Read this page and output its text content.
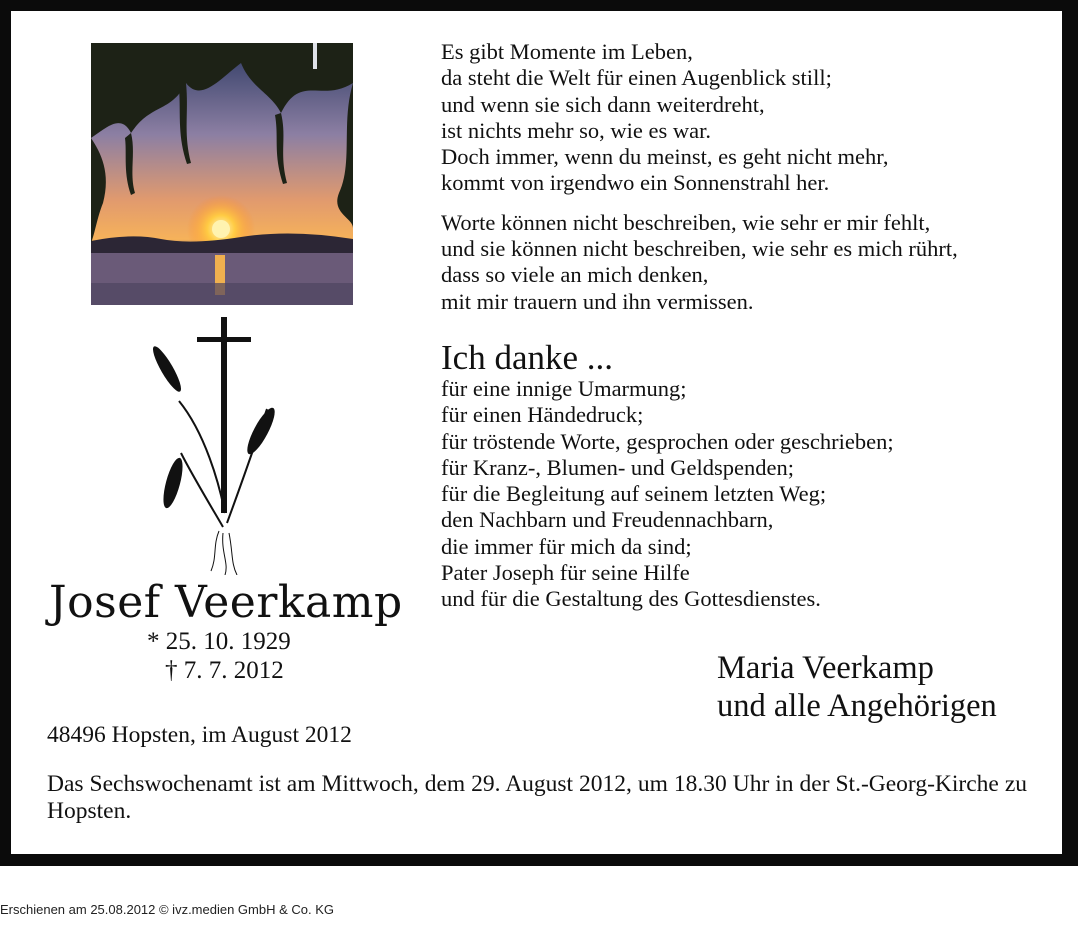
Josef Veerkamp
* 25. 10. 1929
† 7. 7. 2012
48496 Hopsten, im August 2012

Es gibt Momente im Leben,
da steht die Welt für einen Augenblick still;
und wenn sie sich dann weiterdreht,
ist nichts mehr so, wie es war.
Doch immer, wenn du meinst, es geht nicht mehr,
kommt von irgendwo ein Sonnenstrahl her.

Worte können nicht beschreiben, wie sehr er mir fehlt,
und sie können nicht beschreiben, wie sehr es mich rührt,
dass so viele an mich denken,
mit mir trauern und ihn vermissen.

Ich danke ...
für eine innige Umarmung;
für einen Händedruck;
für tröstende Worte, gesprochen oder geschrieben;
für Kranz-, Blumen- und Geldspenden;
für die Begleitung auf seinem letzten Weg;
den Nachbarn und Freudennachbarn,
die immer für mich da sind;
Pater Joseph für seine Hilfe
und für die Gestaltung des Gottesdienstes.
Maria Veerkamp
und alle Angehörigen
Das Sechswochenamt ist am Mittwoch, dem 29. August 2012, um 18.30 Uhr in der St.-Georg-Kirche zu Hopsten.
Erschienen am 25.08.2012 © ivz.medien GmbH & Co. KG
